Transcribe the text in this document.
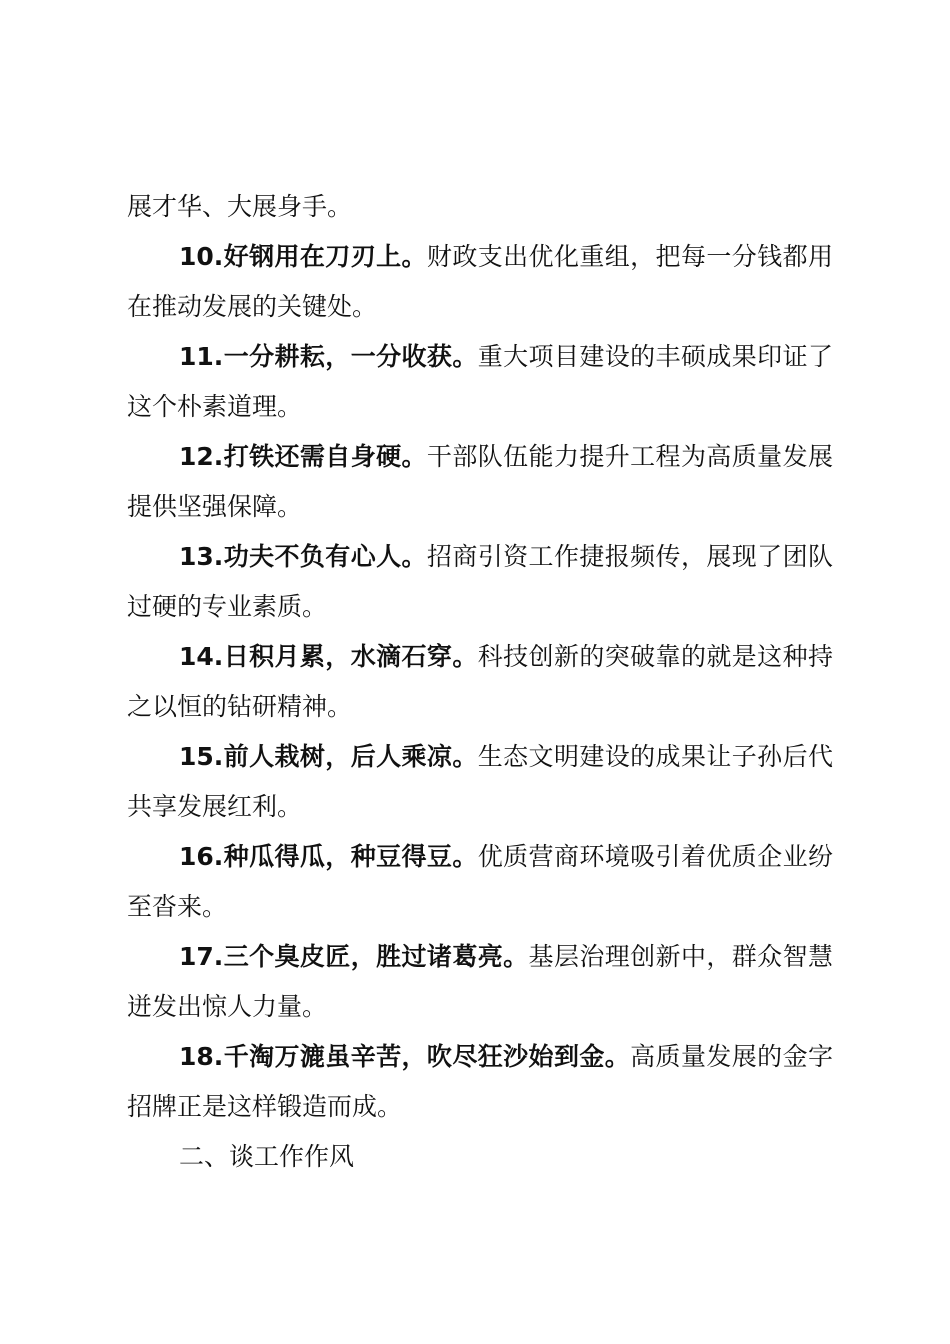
展才华、大展身手。

10.好钢用在刀刃上。财政支出优化重组，把每一分钱都用在推动发展的关键处。

11.一分耕耘，一分收获。重大项目建设的丰硕成果印证了这个朴素道理。

12.打铁还需自身硬。干部队伍能力提升工程为高质量发展提供坚强保障。

13.功夫不负有心人。招商引资工作捷报频传，展现了团队过硬的专业素质。

14.日积月累，水滴石穿。科技创新的突破靠的就是这种持之以恒的钻研精神。

15.前人栽树，后人乘凉。生态文明建设的成果让子孙后代共享发展红利。

16.种瓜得瓜，种豆得豆。优质营商环境吸引着优质企业纷至沓来。

17.三个臭皮匠，胜过诸葛亮。基层治理创新中，群众智慧迸发出惊人力量。

18.千淘万漉虽辛苦，吹尽狂沙始到金。高质量发展的金字招牌正是这样锻造而成。

二、谈工作作风
